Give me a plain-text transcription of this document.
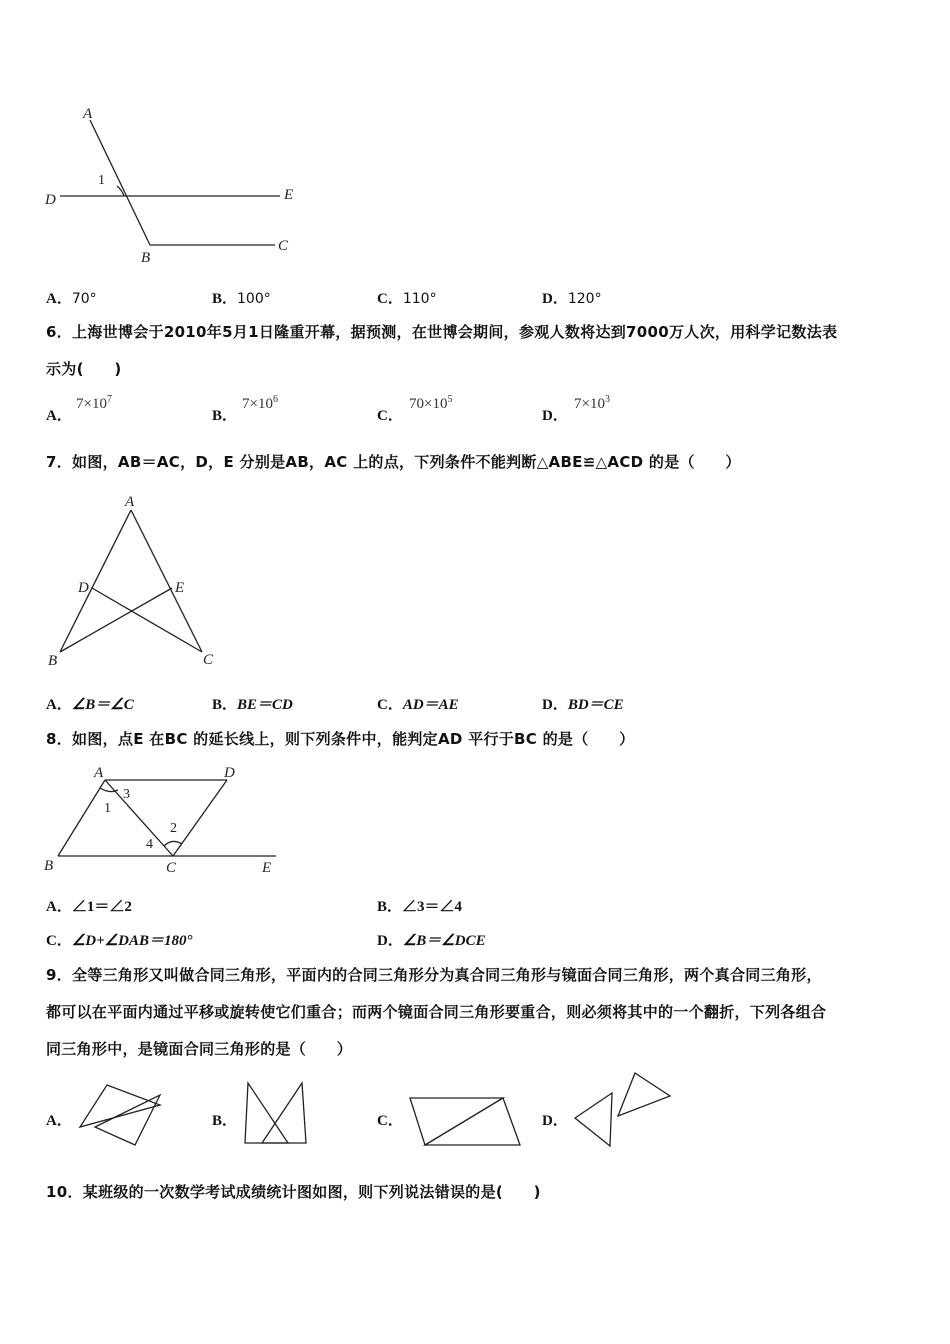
A
D	E
B
C
1
A．70°	B．100°	C．110°	D．120°
6．上海世博会于2010年5月1日隆重开幕，据预测，在世博会期间，参观人数将达到7000万人次，用科学记数法表
示为(　　)
A．
$7\times 10^7$
B．
$7\times 10^6$
C．
$70\times 10^5$
D．
$7\times 10^3$
7．如图，AB＝AC，D，E 分别是AB，AC 上的点，下列条件不能判断△ABE≌△ACD 的是（　　）
A
D	E
B	C
A．∠B＝∠C	B．BE＝CD	C．AD＝AE	D．BD＝CE
8．如图，点E 在BC 的延长线上，则下列条件中，能判定AD 平行于BC 的是（　　）
A	D
B	C	E
1
3
2
4
A．∠1＝∠2	B．∠3＝∠4
C．∠D+∠DAB＝180°	D．∠B＝∠DCE
9．全等三角形又叫做合同三角形，平面内的合同三角形分为真合同三角形与镜面合同三角形，两个真合同三角形，
都可以在平面内通过平移或旋转使它们重合；而两个镜面合同三角形要重合，则必须将其中的一个翻折，下列各组合
同三角形中，是镜面合同三角形的是（　　）
A．	B．	C．	D．
10．某班级的一次数学考试成绩统计图如图，则下列说法错误的是(　　)
